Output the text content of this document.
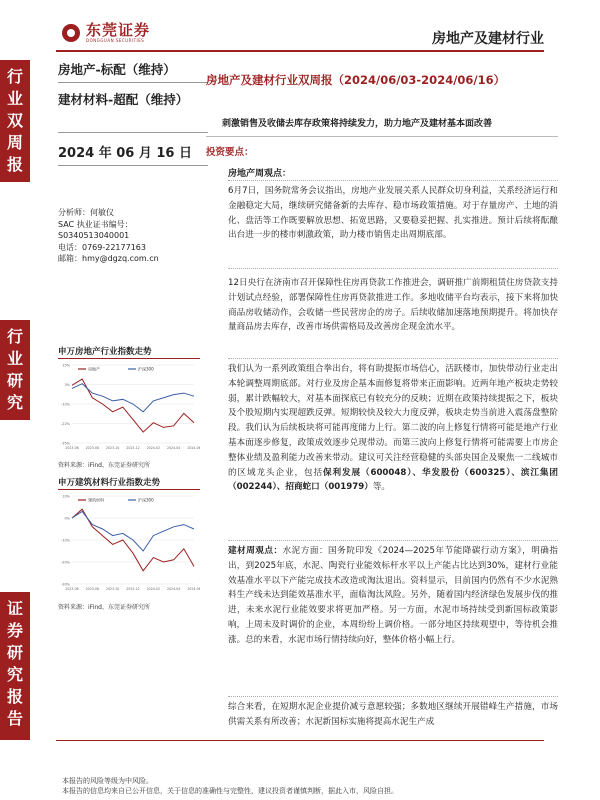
东莞证券
DONGGUAN SECURITIES	房地产及建材行业
行
业
双
周
报
行
业
研
究
证
券
研
究
报
告
房地产-标配（维持）
建材材料-超配（维持）
2024 年 06 月 16 日
分析师：何敏仪
SAC 执业证书编号：
S0340513040001
电话：0769-22177163
邮箱：hmy@dgzq.com.cn
申万房地产行业指数走势
-35%
-22%
-10%
3%
15%
2023-06 2023-08 2023-10 2023-12 2024-02 2024-04 2024-06
房地产	沪深300
资料来源：iFind，东莞证券研究所
申万建筑材料行业指数走势
-30%
-20%
-10%
0%
10%
2023-06 2023-08 2023-10 2023-12 2024-02 2024-04 2024-06
建筑材料	沪深300
资料来源：iFind，东莞证券研究所
房地产及建材行业双周报（2024/06/03-2024/06/16）
刺激销售及收储去库存政策将持续发力，助力地产及建材基本面改善
投资要点：
房地产周观点：
6月7日，国务院常务会议指出，房地产业发展关系人民群众切身利益，关系经济运行和金融稳定大局，继续研究储备新的去库存、稳市场政策措施。对于存量房产、土地的消化、盘活等工作既要解放思想、拓宽思路，又要稳妥把握、扎实推进。预计后续将酝酿出台进一步的楼市刺激政策，助力楼市销售走出周期底部。
12日央行在济南市召开保障性住房再贷款工作推进会，调研推广前期租赁住房贷款支持计划试点经验，部署保障性住房再贷款推进工作。多地收储平台均表示，接下来将加快商品房收储动作，会收储一些民营房企的房子。后续收储加速落地预期提升。将加快存量商品房去库存，改善市场供需格局及改善房企现金流水平。
我们认为一系列政策组合拳出台，将有助提振市场信心，活跃楼市，加快带动行业走出本轮调整周期底部。对行业及房企基本面修复将带来正面影响。近两年地产板块走势较弱，累计跌幅较大，对基本面探底已有较充分的反映；近期在政策持续提振之下，板块及个股短期内实现超跌反弹。短期较快及较大力度反弹，板块走势当前进入震荡盘整阶段。我们认为后续板块将可能再度储力上行。第二波的向上修复行情将可能是地产行业基本面逐步修复，政策成效逐步兑现带动。而第三波向上修复行情将可能需要上市房企整体业绩及盈利能力改善来带动。建议可关注经营稳健的头部央国企及聚焦一二线城市的区域龙头企业，包括保利发展（600048）、华发股份（600325）、滨江集团（002244）、招商蛇口（001979）等。
建材周观点：水泥方面：国务院印发《2024—2025年节能降碳行动方案》，明确指出，到2025年底，水泥、陶瓷行业能效标杆水平以上产能占比达到30%，建材行业能效基准水平以下产能完成技术改造或淘汰退出。资料显示，目前国内仍然有不少水泥熟料生产线未达到能效基准水平，面临淘汰风险。另外，随着国内经济绿色发展步伐的推进，未来水泥行业能效要求将更加严格。另一方面，水泥市场持续受到新国标政策影响，上周未及时调价的企业，本周纷纷上调价格。一部分地区持续观望中，等待机会推涨。总的来看，水泥市场行情持续向好，整体价格小幅上行。
综合来看，在短期水泥企业提价减亏意愿较强；多数地区继续开展错峰生产措施，市场供需关系有所改善；水泥新国标实施将提高水泥生产成
本报告的风险等级为中风险。
本报告的信息均来自已公开信息，关于信息的准确性与完整性，建议投资者谨慎判断，据此入市，风险自担。
